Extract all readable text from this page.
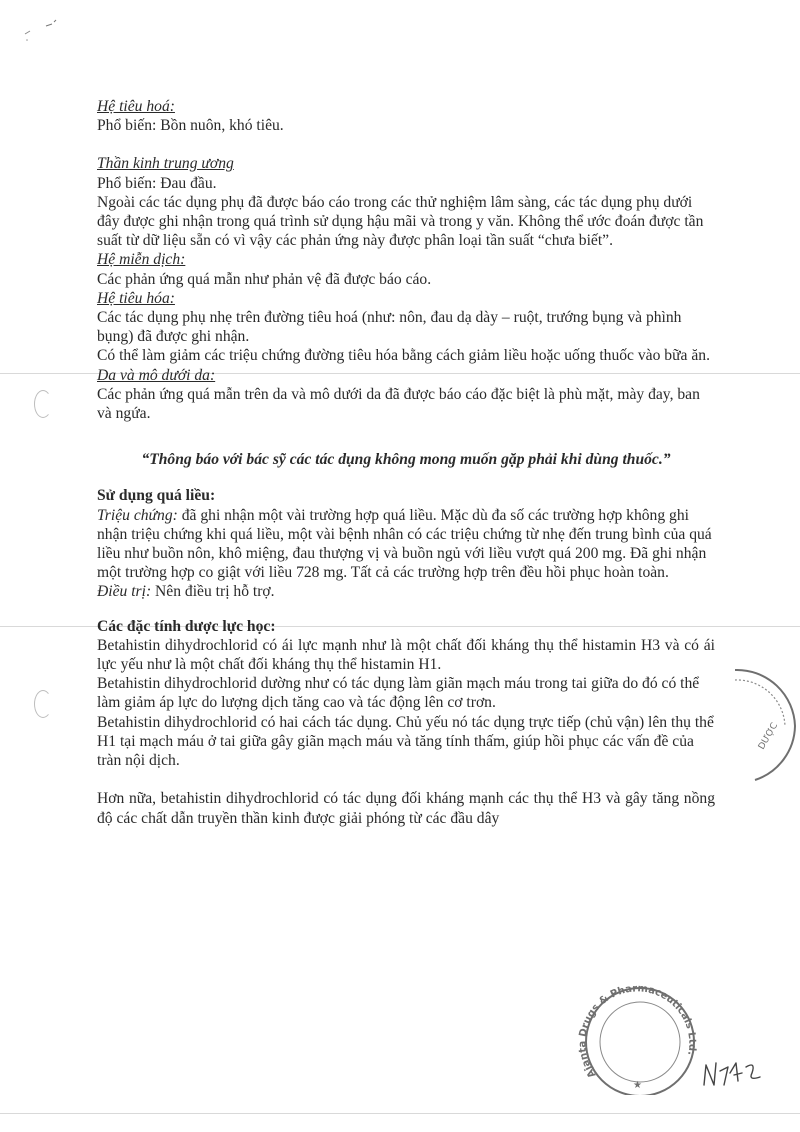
Hệ tiêu hoá:

Phổ biến: Bồn nuôn, khó tiêu.

Thần kinh trung ương

Phổ biến: Đau đầu.

Ngoài các tác dụng phụ đã được báo cáo trong các thử nghiệm lâm sàng, các tác dụng phụ dưới đây được ghi nhận trong quá trình sử dụng hậu mãi và trong y văn. Không thể ước đoán được tần suất từ dữ liệu sẵn có vì vậy các phản ứng này được phân loại tần suất “chưa biết”.

Hệ miễn dịch:

Các phản ứng quá mẫn như phản vệ đã được báo cáo.

Hệ tiêu hóa:

Các tác dụng phụ nhẹ trên đường tiêu hoá (như: nôn, đau dạ dày – ruột, trướng bụng và phình bụng) đã được ghi nhận.

Có thể làm giảm các triệu chứng đường tiêu hóa bằng cách giảm liều hoặc uống thuốc vào bữa ăn.

Da và mô dưới da:

Các phản ứng quá mẫn trên da và mô dưới da đã được báo cáo đặc biệt là phù mặt, mày đay, ban và ngứa.

“Thông báo với bác sỹ các tác dụng không mong muốn gặp phải khi dùng thuốc.”

Sử dụng quá liều:

Triệu chứng: đã ghi nhận một vài trường hợp quá liều. Mặc dù đa số các trường hợp không ghi nhận triệu chứng khi quá liều, một vài bệnh nhân có các triệu chứng từ nhẹ đến trung bình của quá liều như buồn nôn, khô miệng, đau thượng vị và buồn ngủ với liều vượt quá 200 mg. Đã ghi nhận một trường hợp co giật với liều 728 mg. Tất cả các trường hợp trên đều hồi phục hoàn toàn.

Điều trị: Nên điều trị hỗ trợ.

Các đặc tính dược lực học:

Betahistin dihydrochlorid có ái lực mạnh như là một chất đối kháng thụ thể histamin H3 và có ái lực yếu như là một chất đối kháng thụ thể histamin H1.

Betahistin dihydrochlorid dường như có tác dụng làm giãn mạch máu trong tai giữa do đó có thể làm giảm áp lực do lượng dịch tăng cao và tác động lên cơ trơn.

Betahistin dihydrochlorid có hai cách tác dụng. Chủ yếu nó tác dụng trực tiếp (chủ vận) lên thụ thể H1 tại mạch máu ở tai giữa gây giãn mạch máu và tăng tính thấm, giúp hồi phục các vấn đề của tràn nội dịch.

Hơn nữa, betahistin dihydrochlorid có tác dụng đối kháng mạnh các thụ thể H3 và gây tăng nồng độ các chất dẫn truyền thần kinh được giải phóng từ các đầu dây

DƯỢC
Ajanta Drugs & Pharmaceuticals Ltd.
★
